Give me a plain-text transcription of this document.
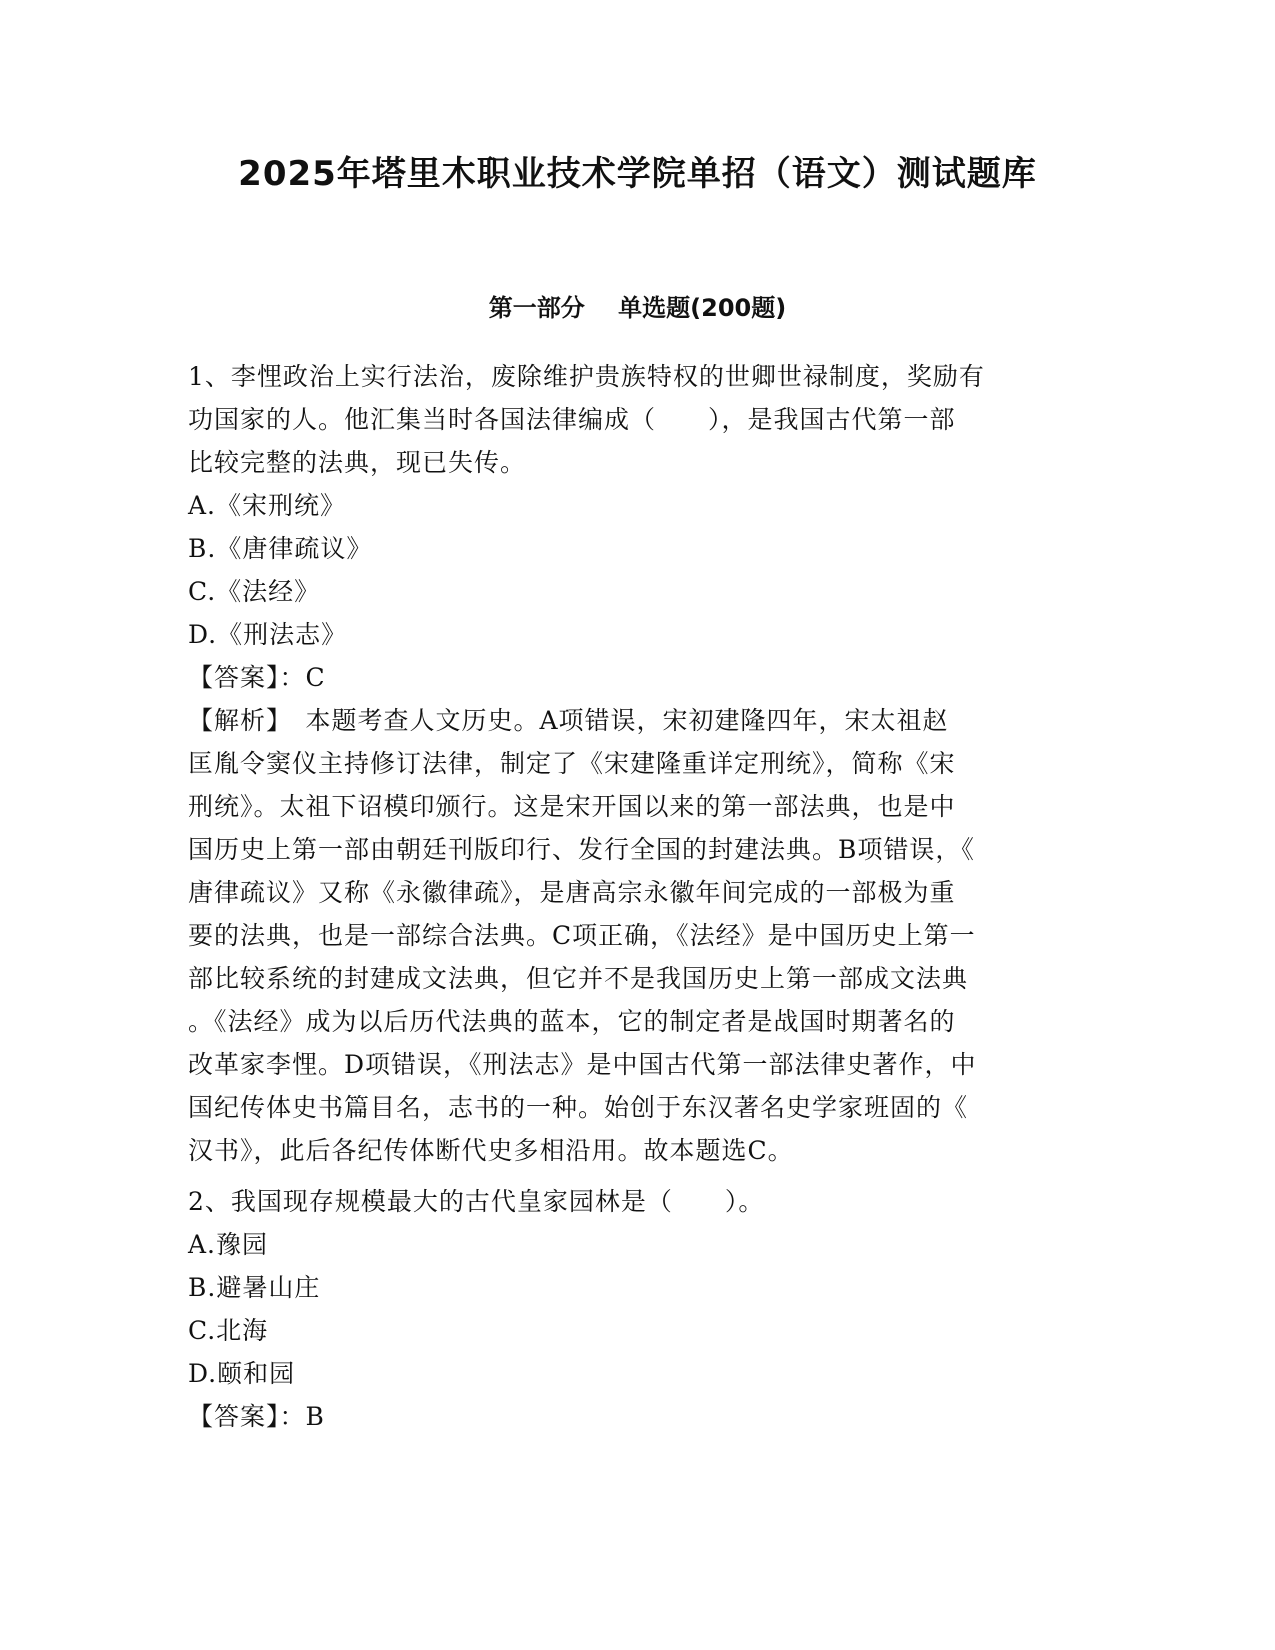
2025年塔里木职业技术学院单招（语文）测试题库
第一部分    单选题(200题)
1、李悝政治上实行法治，废除维护贵族特权的世卿世禄制度，奖励有
功国家的人。他汇集当时各国法律编成（　　），是我国古代第一部
比较完整的法典，现已失传。
A.《宋刑统》
B.《唐律疏议》
C.《法经》
D.《刑法志》
【答案】：C
【解析】　本题考查人文历史。A项错误，宋初建隆四年，宋太祖赵
匡胤令窦仪主持修订法律，制定了《宋建隆重详定刑统》，简称《宋
刑统》。太祖下诏模印颁行。这是宋开国以来的第一部法典，也是中
国历史上第一部由朝廷刊版印行、发行全国的封建法典。B项错误，《
唐律疏议》又称《永徽律疏》，是唐高宗永徽年间完成的一部极为重
要的法典，也是一部综合法典。C项正确，《法经》是中国历史上第一
部比较系统的封建成文法典，但它并不是我国历史上第一部成文法典
。《法经》成为以后历代法典的蓝本，它的制定者是战国时期著名的
改革家李悝。D项错误，《刑法志》是中国古代第一部法律史著作，中
国纪传体史书篇目名，志书的一种。始创于东汉著名史学家班固的《
汉书》，此后各纪传体断代史多相沿用。故本题选C。
2、我国现存规模最大的古代皇家园林是（　　）。
A.豫园
B.避暑山庄
C.北海
D.颐和园
【答案】：B
